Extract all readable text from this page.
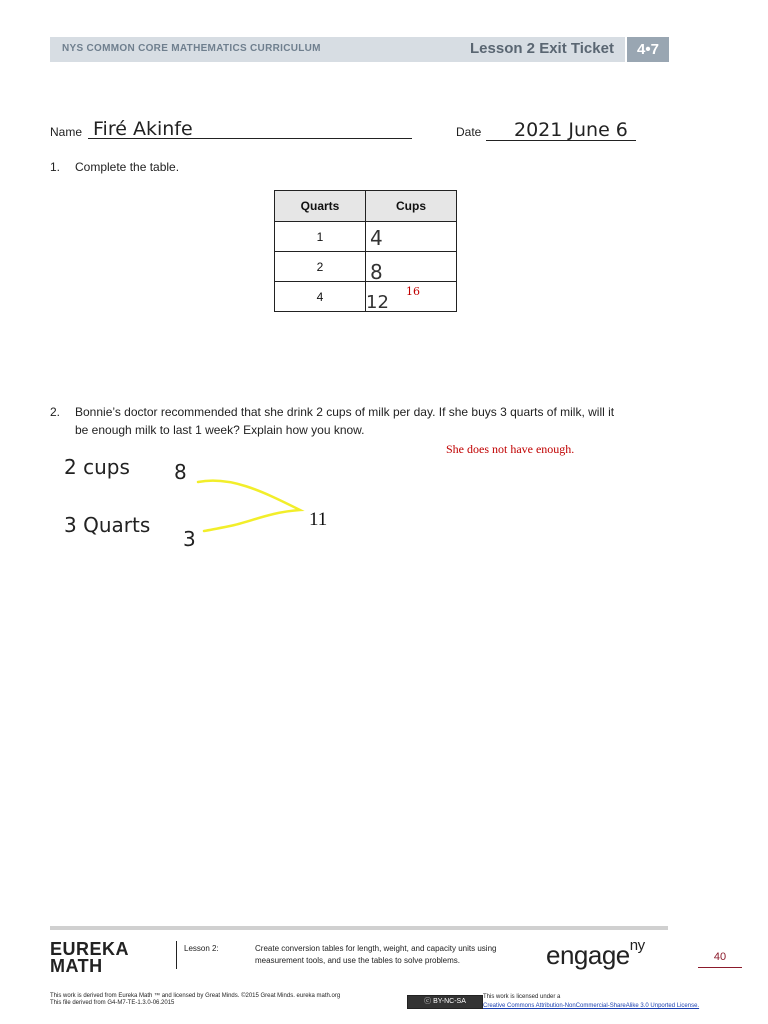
NYS COMMON CORE MATHEMATICS CURRICULUM	Lesson 2 Exit Ticket	4•7
Name Firé Akinfe	Date 2021 June 6
1. Complete the table.
Quarts	Cups
1	4

2	8

4	12
16
2. Bonnie’s doctor recommended that she drink 2 cups of milk per day. If she buys 3 quarts of milk, will it
be enough milk to last 1 week? Explain how you know.
She does not have enough.
2 cups 8
3 Quarts
3
11
EUREKA
MATH
Lesson 2:	Create conversion tables for length, weight, and capacity units using measurement tools, and use the tables to solve problems.	engage$^{ny}$
40
This work is derived from Eureka Math ™ and licensed by Great Minds. ©2015 Great Minds. eureka math.org
This file derived from G4-M7-TE-1.3.0-06.2015	ⓒ BY-NC-SA
This work is licensed under a
Creative Commons Attribution-NonCommercial-ShareAlike 3.0 Unported License.
